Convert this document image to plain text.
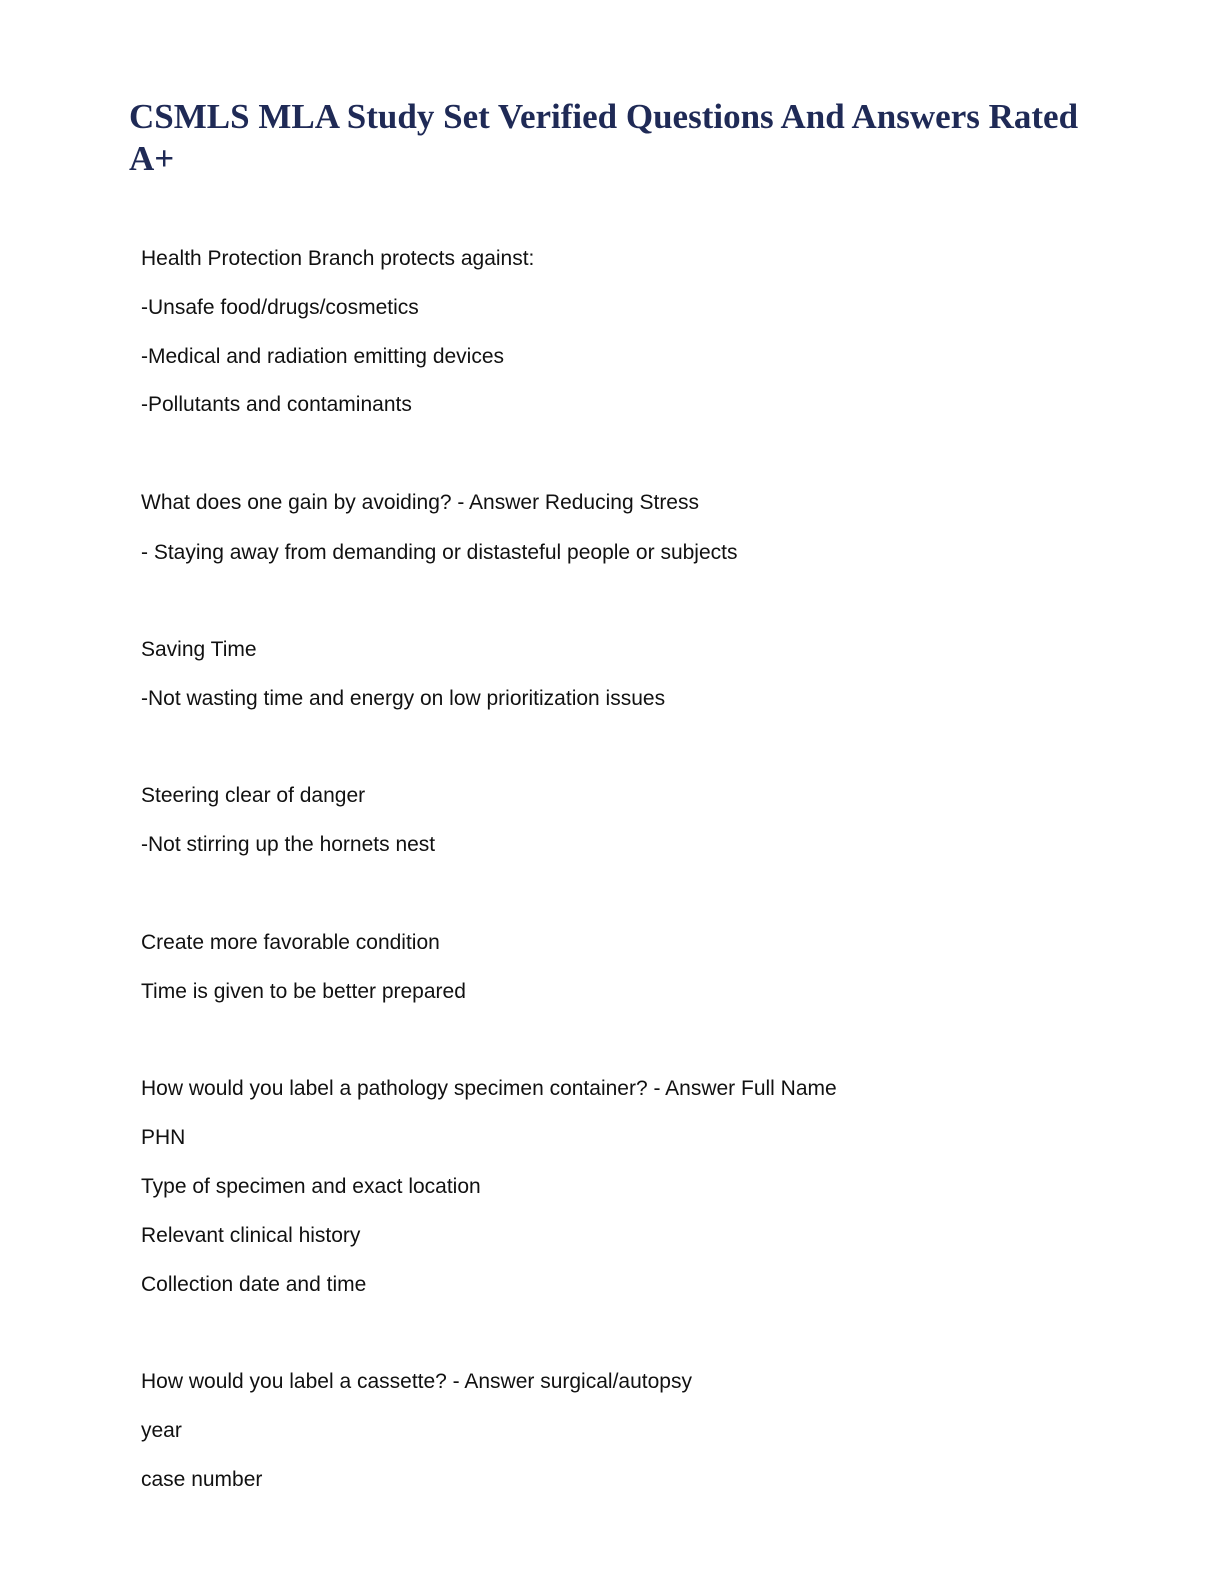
CSMLS MLA Study Set Verified Questions And Answers Rated A+

Health Protection Branch protects against:

-Unsafe food/drugs/cosmetics

-Medical and radiation emitting devices

-Pollutants and contaminants

What does one gain by avoiding? - Answer Reducing Stress

- Staying away from demanding or distasteful people or subjects

Saving Time

-Not wasting time and energy on low prioritization issues

Steering clear of danger

-Not stirring up the hornets nest

Create more favorable condition

Time is given to be better prepared

How would you label a pathology specimen container? - Answer Full Name

PHN

Type of specimen and exact location

Relevant clinical history

Collection date and time

How would you label a cassette? - Answer surgical/autopsy

year

case number
